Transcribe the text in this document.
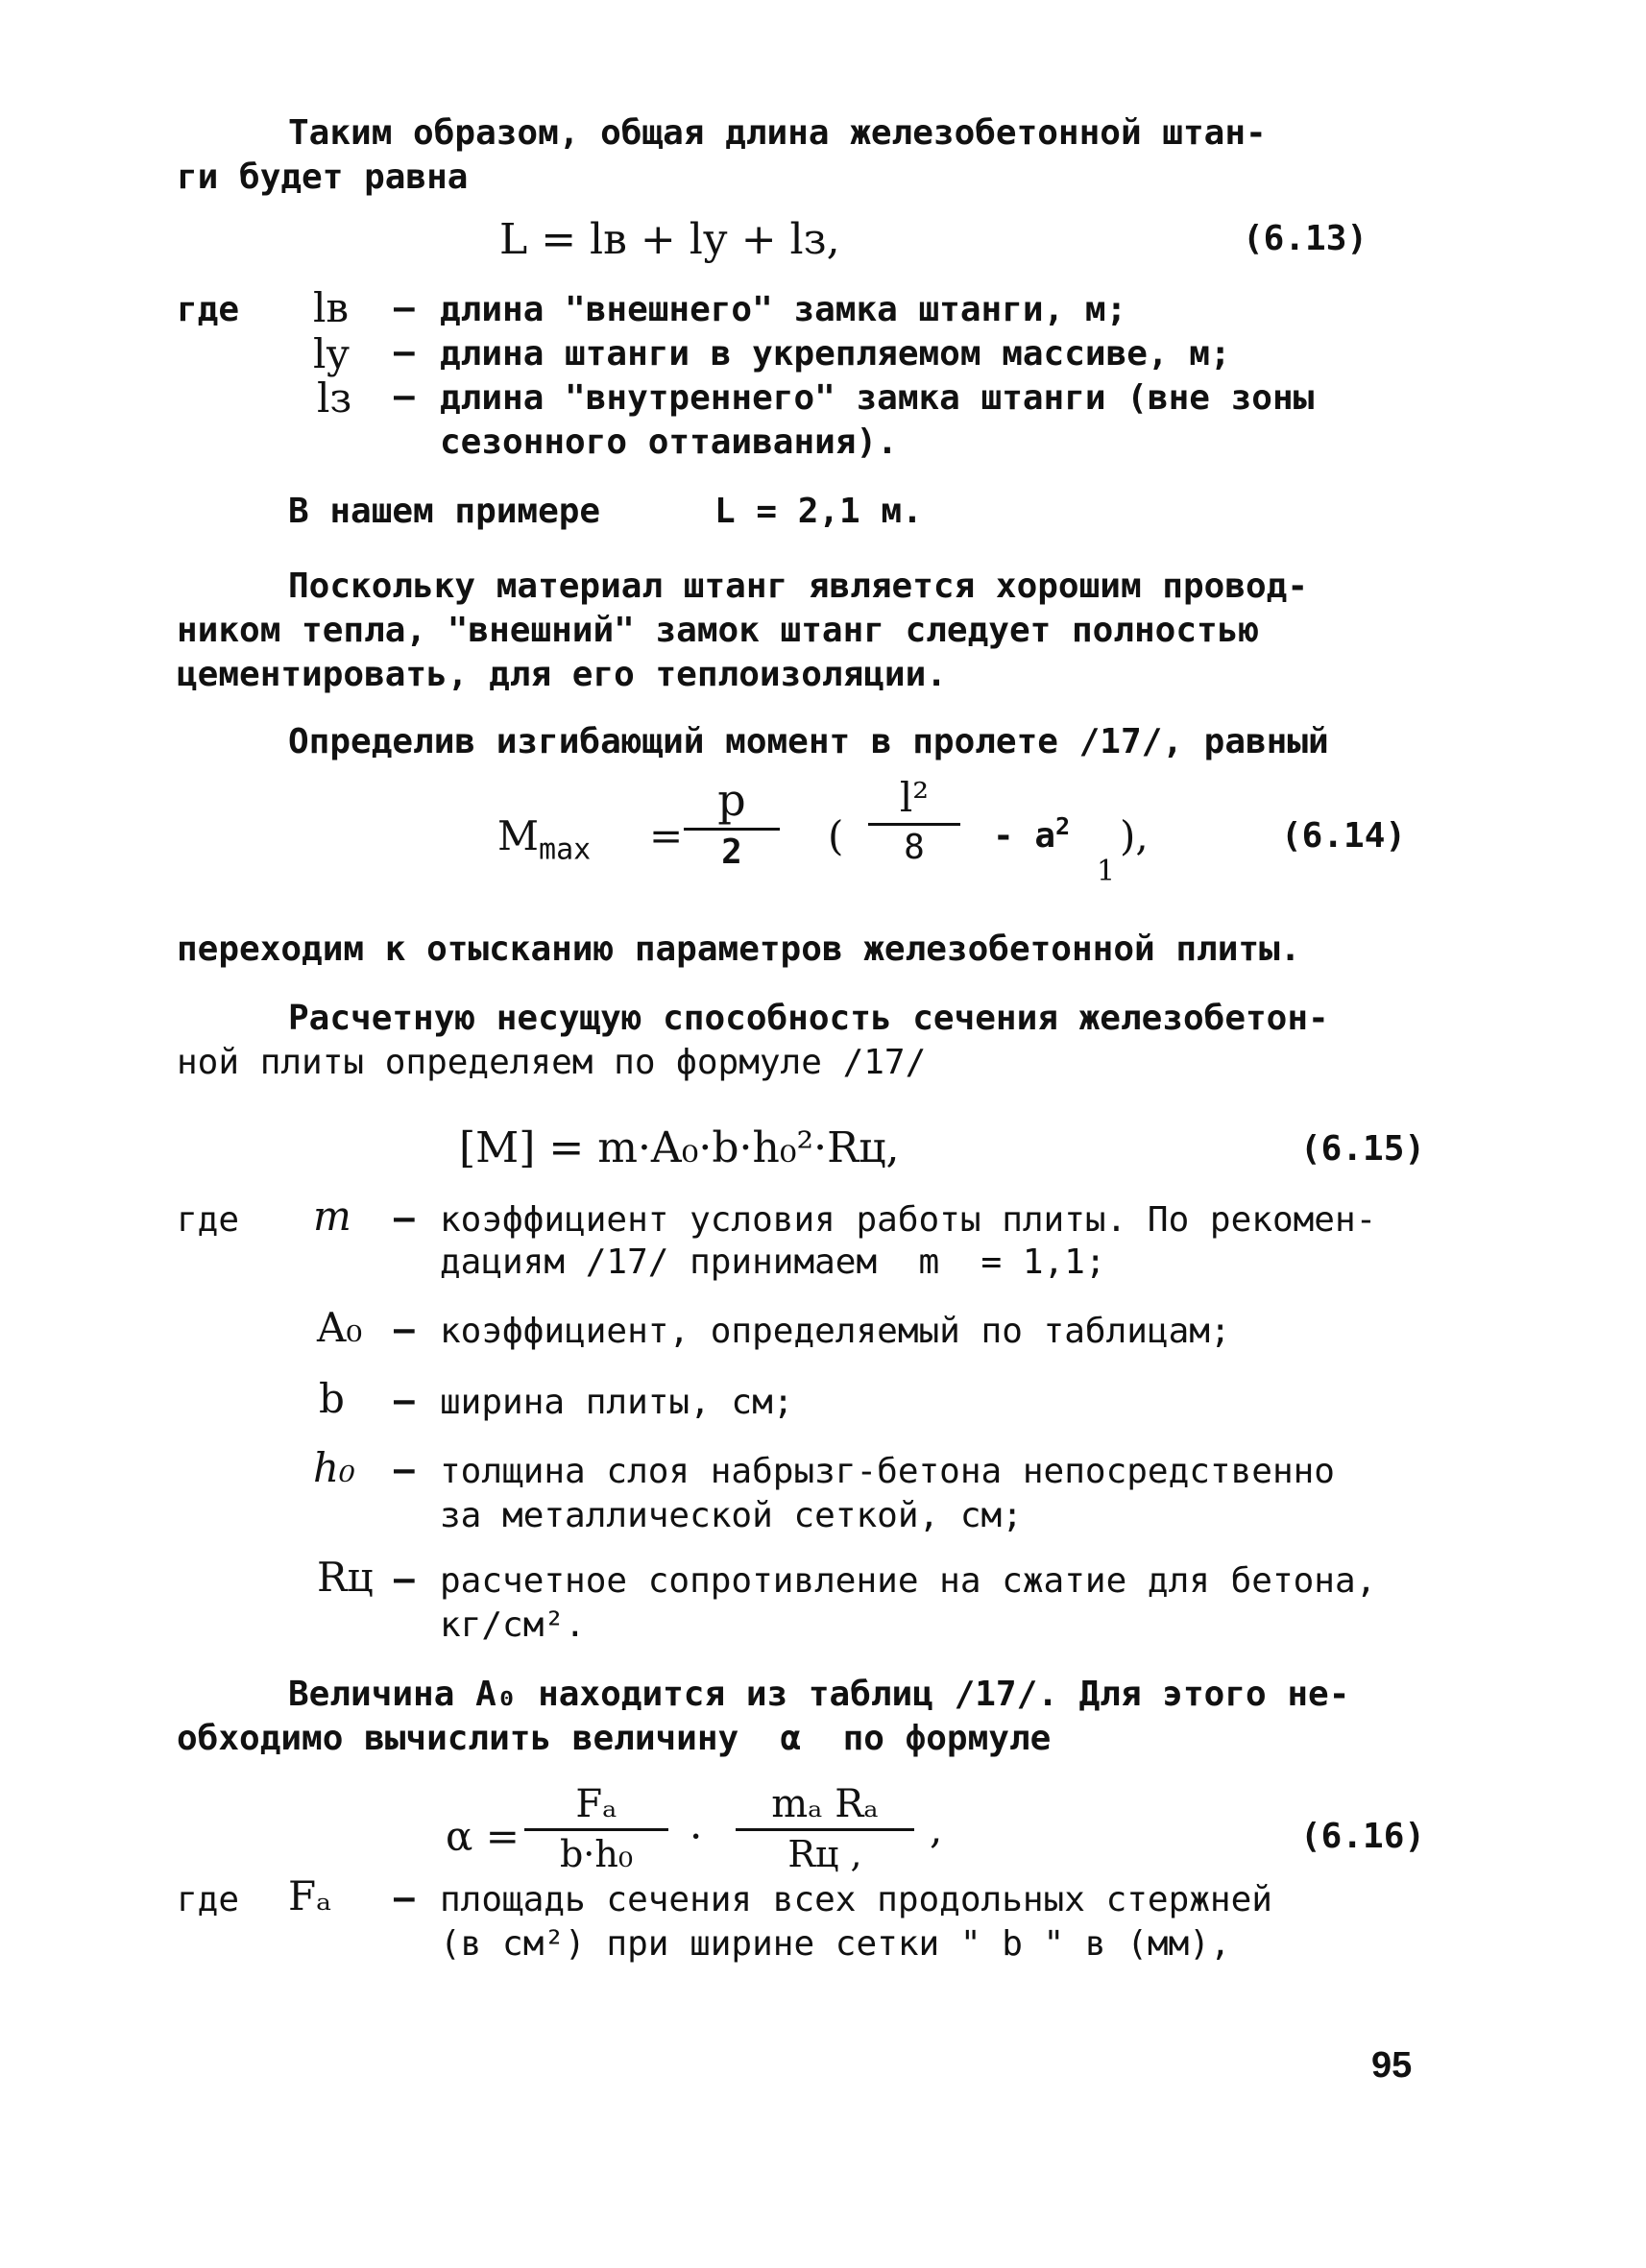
Таким образом, общая длина железобетонной штан-
ги будет равна
L = lв + lу + lз,	(6.13)
где lв – длина "внешнего" замка штанги, м;
lу – длина штанги в укрепляемом массиве, м;
lз – длина "внутреннего" замка штанги (вне зоны
сезонного оттаивания).
В нашем примере	L = 2,1 м.
Поскольку материал штанг является хорошим провод-
ником тепла, "внешний" замок штанг следует полностью
цементировать, для его теплоизоляции.
Определив изгибающий момент в пролете /17/, равный
$M_{max}$ =
p
2	(
l²
8	- $a^2$
1
),	(6.14)
переходим к отысканию параметров железобетонной плиты.
Расчетную несущую способность сечения железобетон-
ной плиты определяем по формуле /17/
[M] = m·A₀·b·h₀²·Rц,	(6.15)
где m – коэффициент условия работы плиты. По рекомен-
дациям /17/ принимаем  m  = 1,1;
A₀ – коэффициент, определяемый по таблицам;
b – ширина плиты, см;
h₀ – толщина слоя набрызг-бетона непосредственно
за металлической сеткой, см;
Rц – расчетное сопротивление на сжатие для бетона,
кг/см².
Величина A₀ находится из таблиц /17/. Для этого не-
обходимо вычислить величину  α  по формуле
α =
Fₐ
b·h₀	·
mₐ Rₐ
Rц ,
,	(6.16)
где Fₐ – площадь сечения всех продольных стержней
(в см²) при ширине сетки " b " в (мм),
95
